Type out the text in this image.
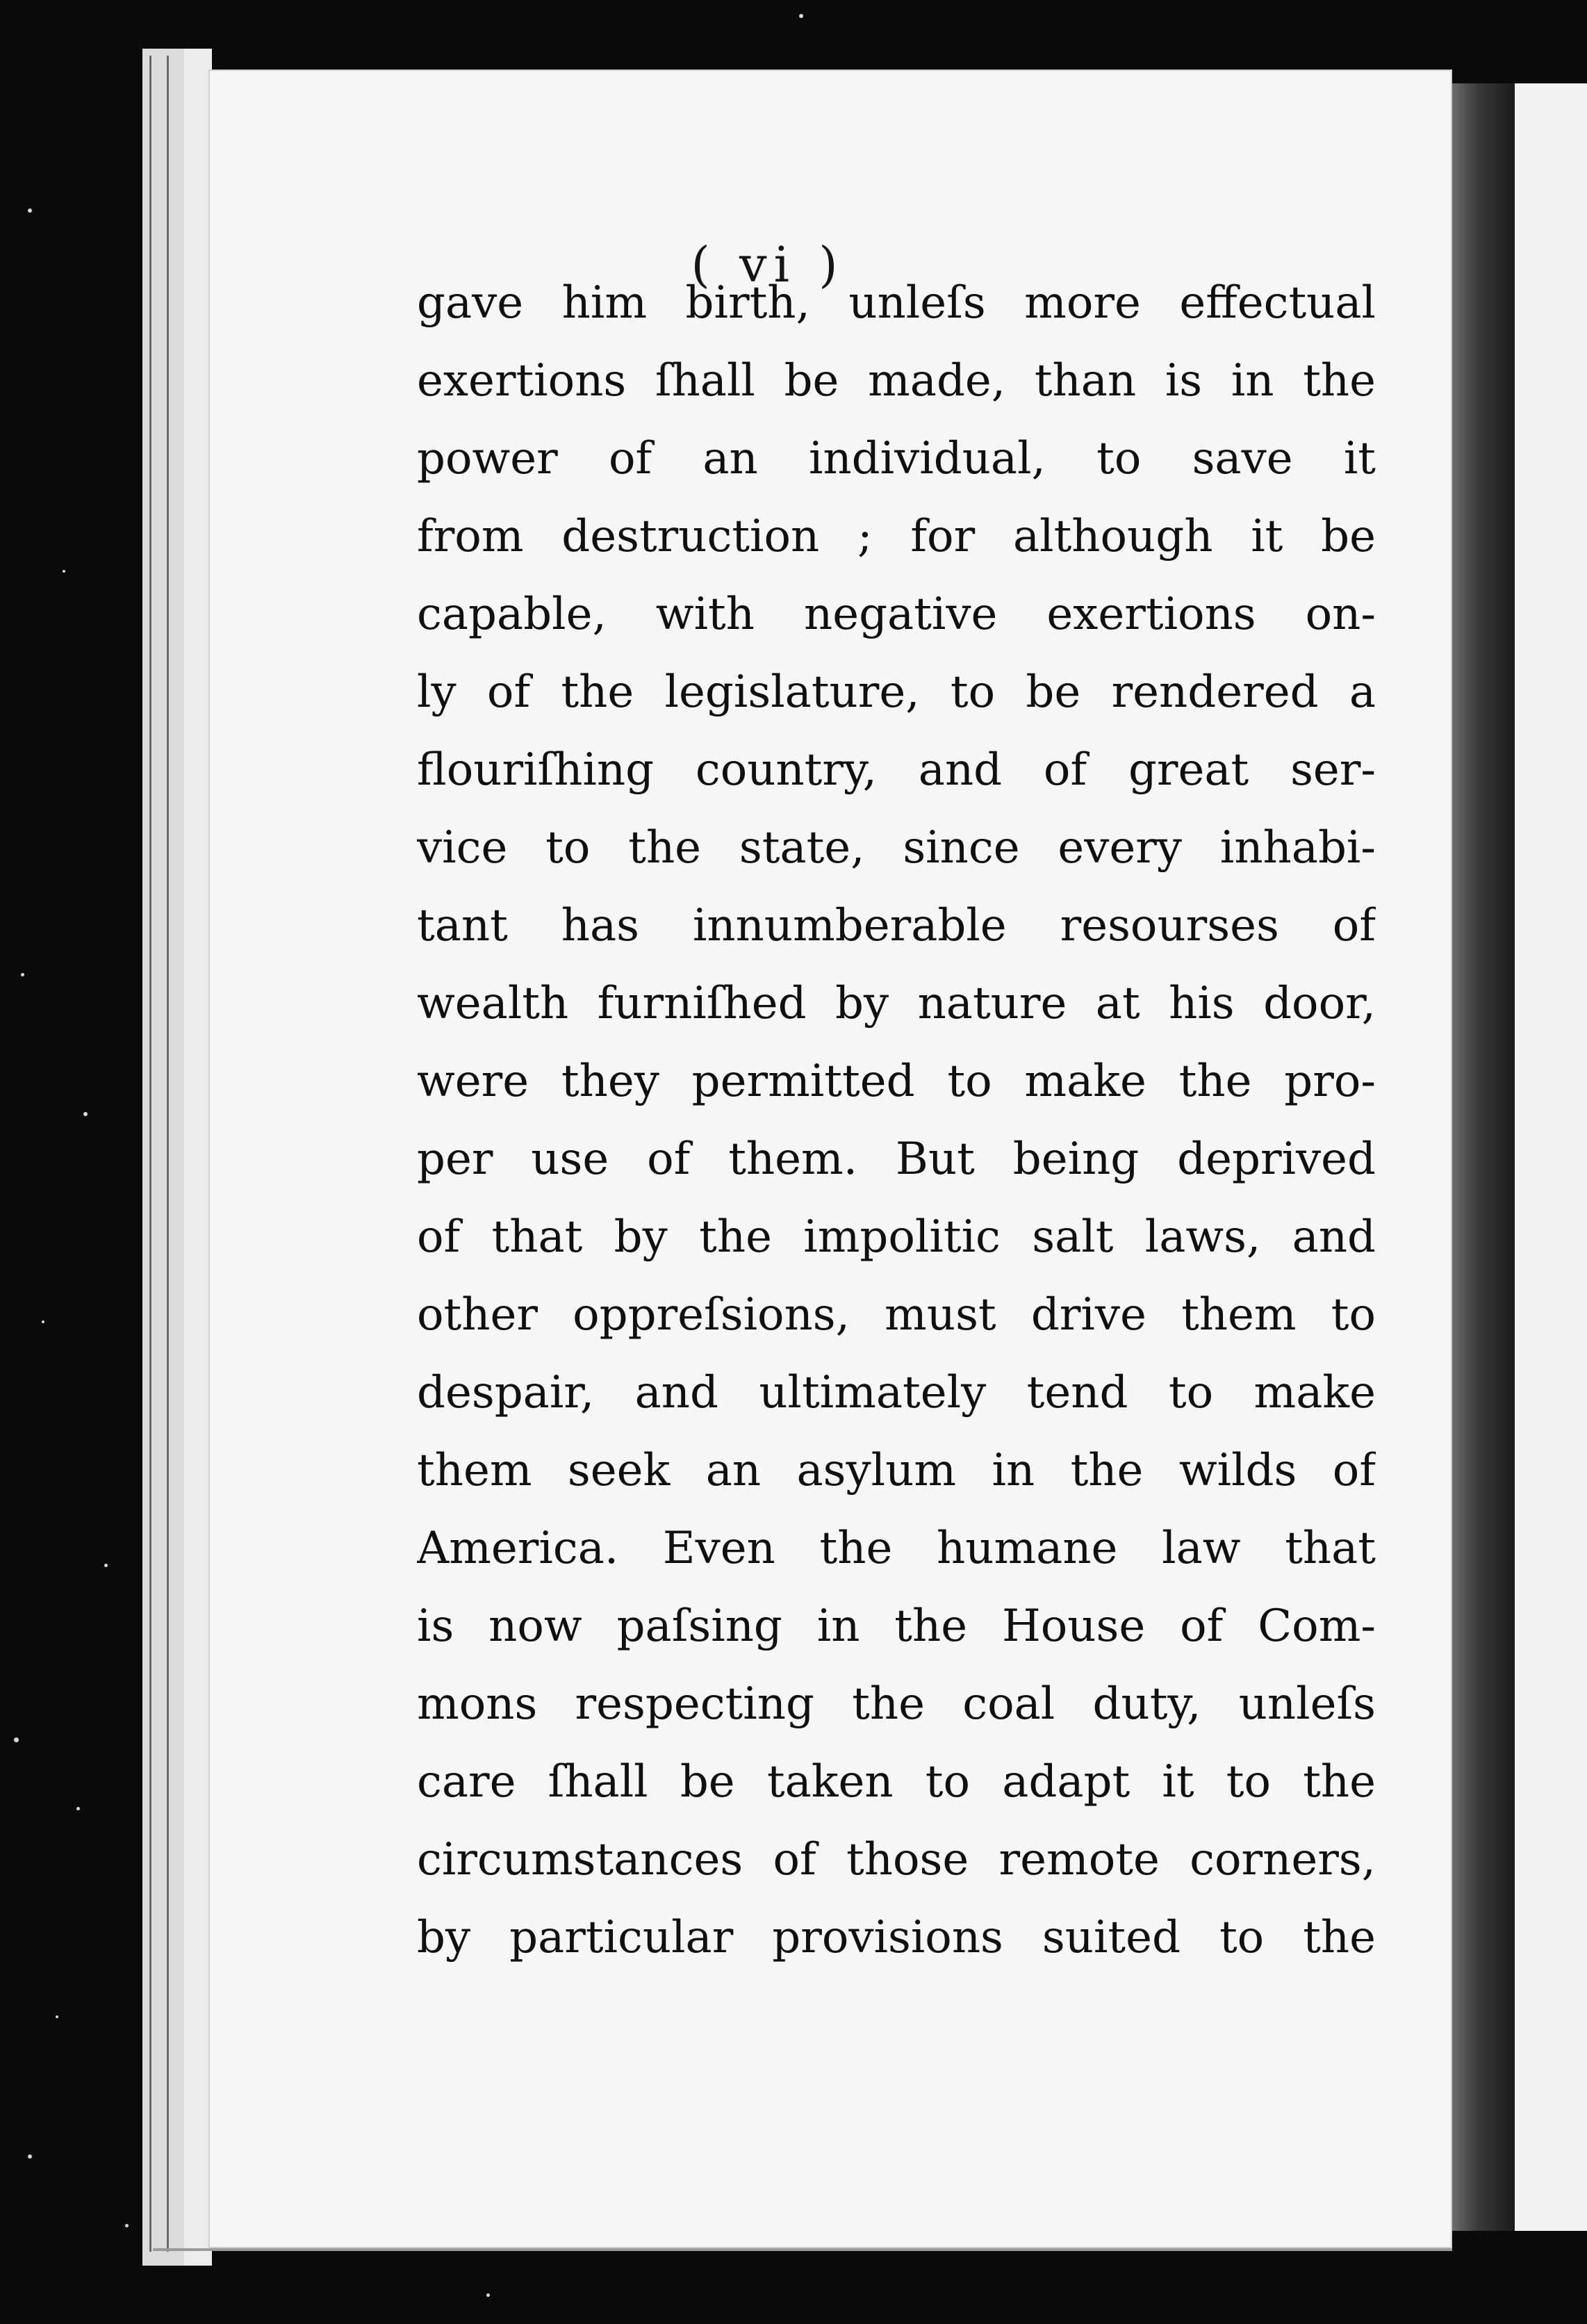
( vi )
gave him birth, unleſs more effectual
exertions ſhall be made, than is in the
power of an individual, to save it
from destruction ; for although it be
capable, with negative exertions on-
ly of the legislature, to be rendered a
flouriſhing country, and of great ser-
vice to the state, since every inhabi-
tant has innumberable resourses of
wealth furniſhed by nature at his door,
were they permitted to make the pro-
per use of them. But being deprived
of that by the impolitic salt laws, and
other oppreſsions, must drive them to
despair, and ultimately tend to make
them seek an asylum in the wilds of
America. Even the humane law that
is now paſsing in the House of Com-
mons respecting the coal duty, unleſs
care ſhall be taken to adapt it to the
circumstances of those remote corners,
by particular provisions suited to the
